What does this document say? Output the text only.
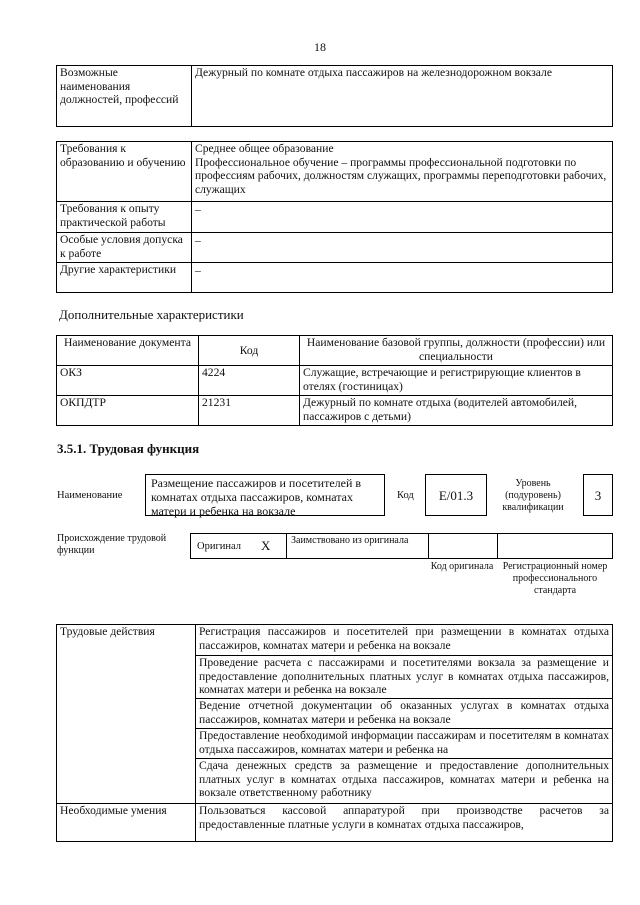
18
Возможные наименования должностей, профессий	Дежурный по комнате отдыха пассажиров на железнодорожном вокзале
Требования к образованию и обучению	Среднее общее образование
Профессиональное обучение – программы профессиональной подготовки по профессиям рабочих, должностям служащих, программы переподготовки рабочих, служащих
Требования к опыту практической работы	–
Особые условия допуска к работе	–
Другие характеристики	–
Дополнительные характеристики
Наименование документа	Код	Наименование базовой группы, должности (профессии) или специальности
ОКЗ	4224	Служащие, встречающие и регистрирующие клиентов в отелях (гостиницах)
ОКПДТР	21231	Дежурный по комнате отдыха (водителей автомобилей, пассажиров с детьми)
3.5.1. Трудовая функция
Наименование
Размещение пассажиров и посетителей в комнатах отдыха пассажиров, комнатах матери и ребенка на вокзале
Код	E/01.3
Уровень (подуровень) квалификации
3
Происхождение трудовой функции	Оригинал X Заимствовано из оригинала
Код оригинала Регистрационный номер профессионального стандарта
Трудовые действия	Регистрация пассажиров и посетителей при размещении в комнатах отдыха пассажиров, комнатах матери и ребенка на вокзале
	Проведение расчета с пассажирами и посетителями вокзала за размещение и предоставление дополнительных платных услуг в комнатах отдыха пассажиров, комнатах матери и ребенка на вокзале
	Ведение отчетной документации об оказанных услугах в комнатах отдыха пассажиров, комнатах матери и ребенка на вокзале
	Предоставление необходимой информации пассажирам и посетителям в комнатах отдыха пассажиров, комнатах матери и ребенка на
	Сдача денежных средств за размещение и предоставление дополнительных платных услуг в комнатах отдыха пассажиров, комнатах матери и ребенка на вокзале ответственному работнику
Необходимые умения	Пользоваться кассовой аппаратурой при производстве расчетов за предоставленные платные услуги в комнатах отдыха пассажиров,
